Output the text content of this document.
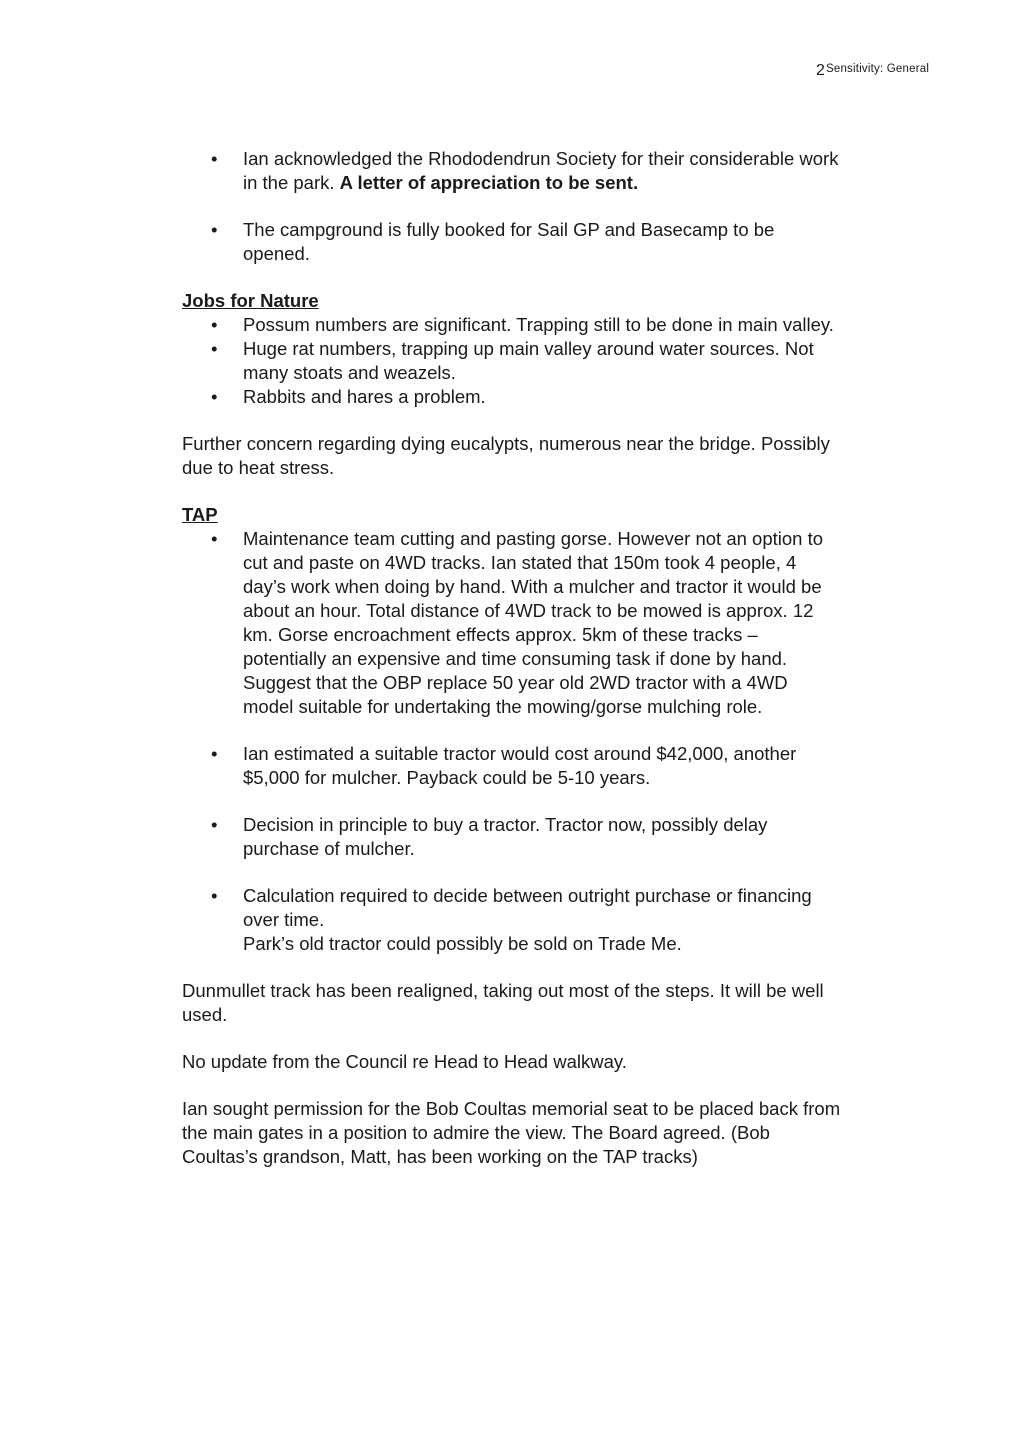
2 Sensitivity: General
• Ian acknowledged the Rhododendrun Society for their considerable work in the park. A letter of appreciation to be sent.
• The campground is fully booked for Sail GP and Basecamp to be opened.
Jobs for Nature
• Possum numbers are significant. Trapping still to be done in main valley.
• Huge rat numbers, trapping up main valley around water sources. Not many stoats and weazels.
• Rabbits and hares a problem.

Further concern regarding dying eucalypts, numerous near the bridge. Possibly due to heat stress.

TAP
• Maintenance team cutting and pasting gorse. However not an option to cut and paste on 4WD tracks. Ian stated that 150m took 4 people, 4 day’s work when doing by hand. With a mulcher and tractor it would be about an hour. Total distance of 4WD track to be mowed is approx. 12 km. Gorse encroachment effects approx. 5km of these tracks – potentially an expensive and time consuming task if done by hand. Suggest that the OBP replace 50 year old 2WD tractor with a 4WD model suitable for undertaking the mowing/gorse mulching role.
• Ian estimated a suitable tractor would cost around $42,000, another $5,000 for mulcher. Payback could be 5-10 years.
• Decision in principle to buy a tractor. Tractor now, possibly delay purchase of mulcher.
• Calculation required to decide between outright purchase or financing over time.
Park’s old tractor could possibly be sold on Trade Me.

Dunmullet track has been realigned, taking out most of the steps. It will be well used.

No update from the Council re Head to Head walkway.

Ian sought permission for the Bob Coultas memorial seat to be placed back from the main gates in a position to admire the view. The Board agreed. (Bob Coultas’s grandson, Matt, has been working on the TAP tracks)
